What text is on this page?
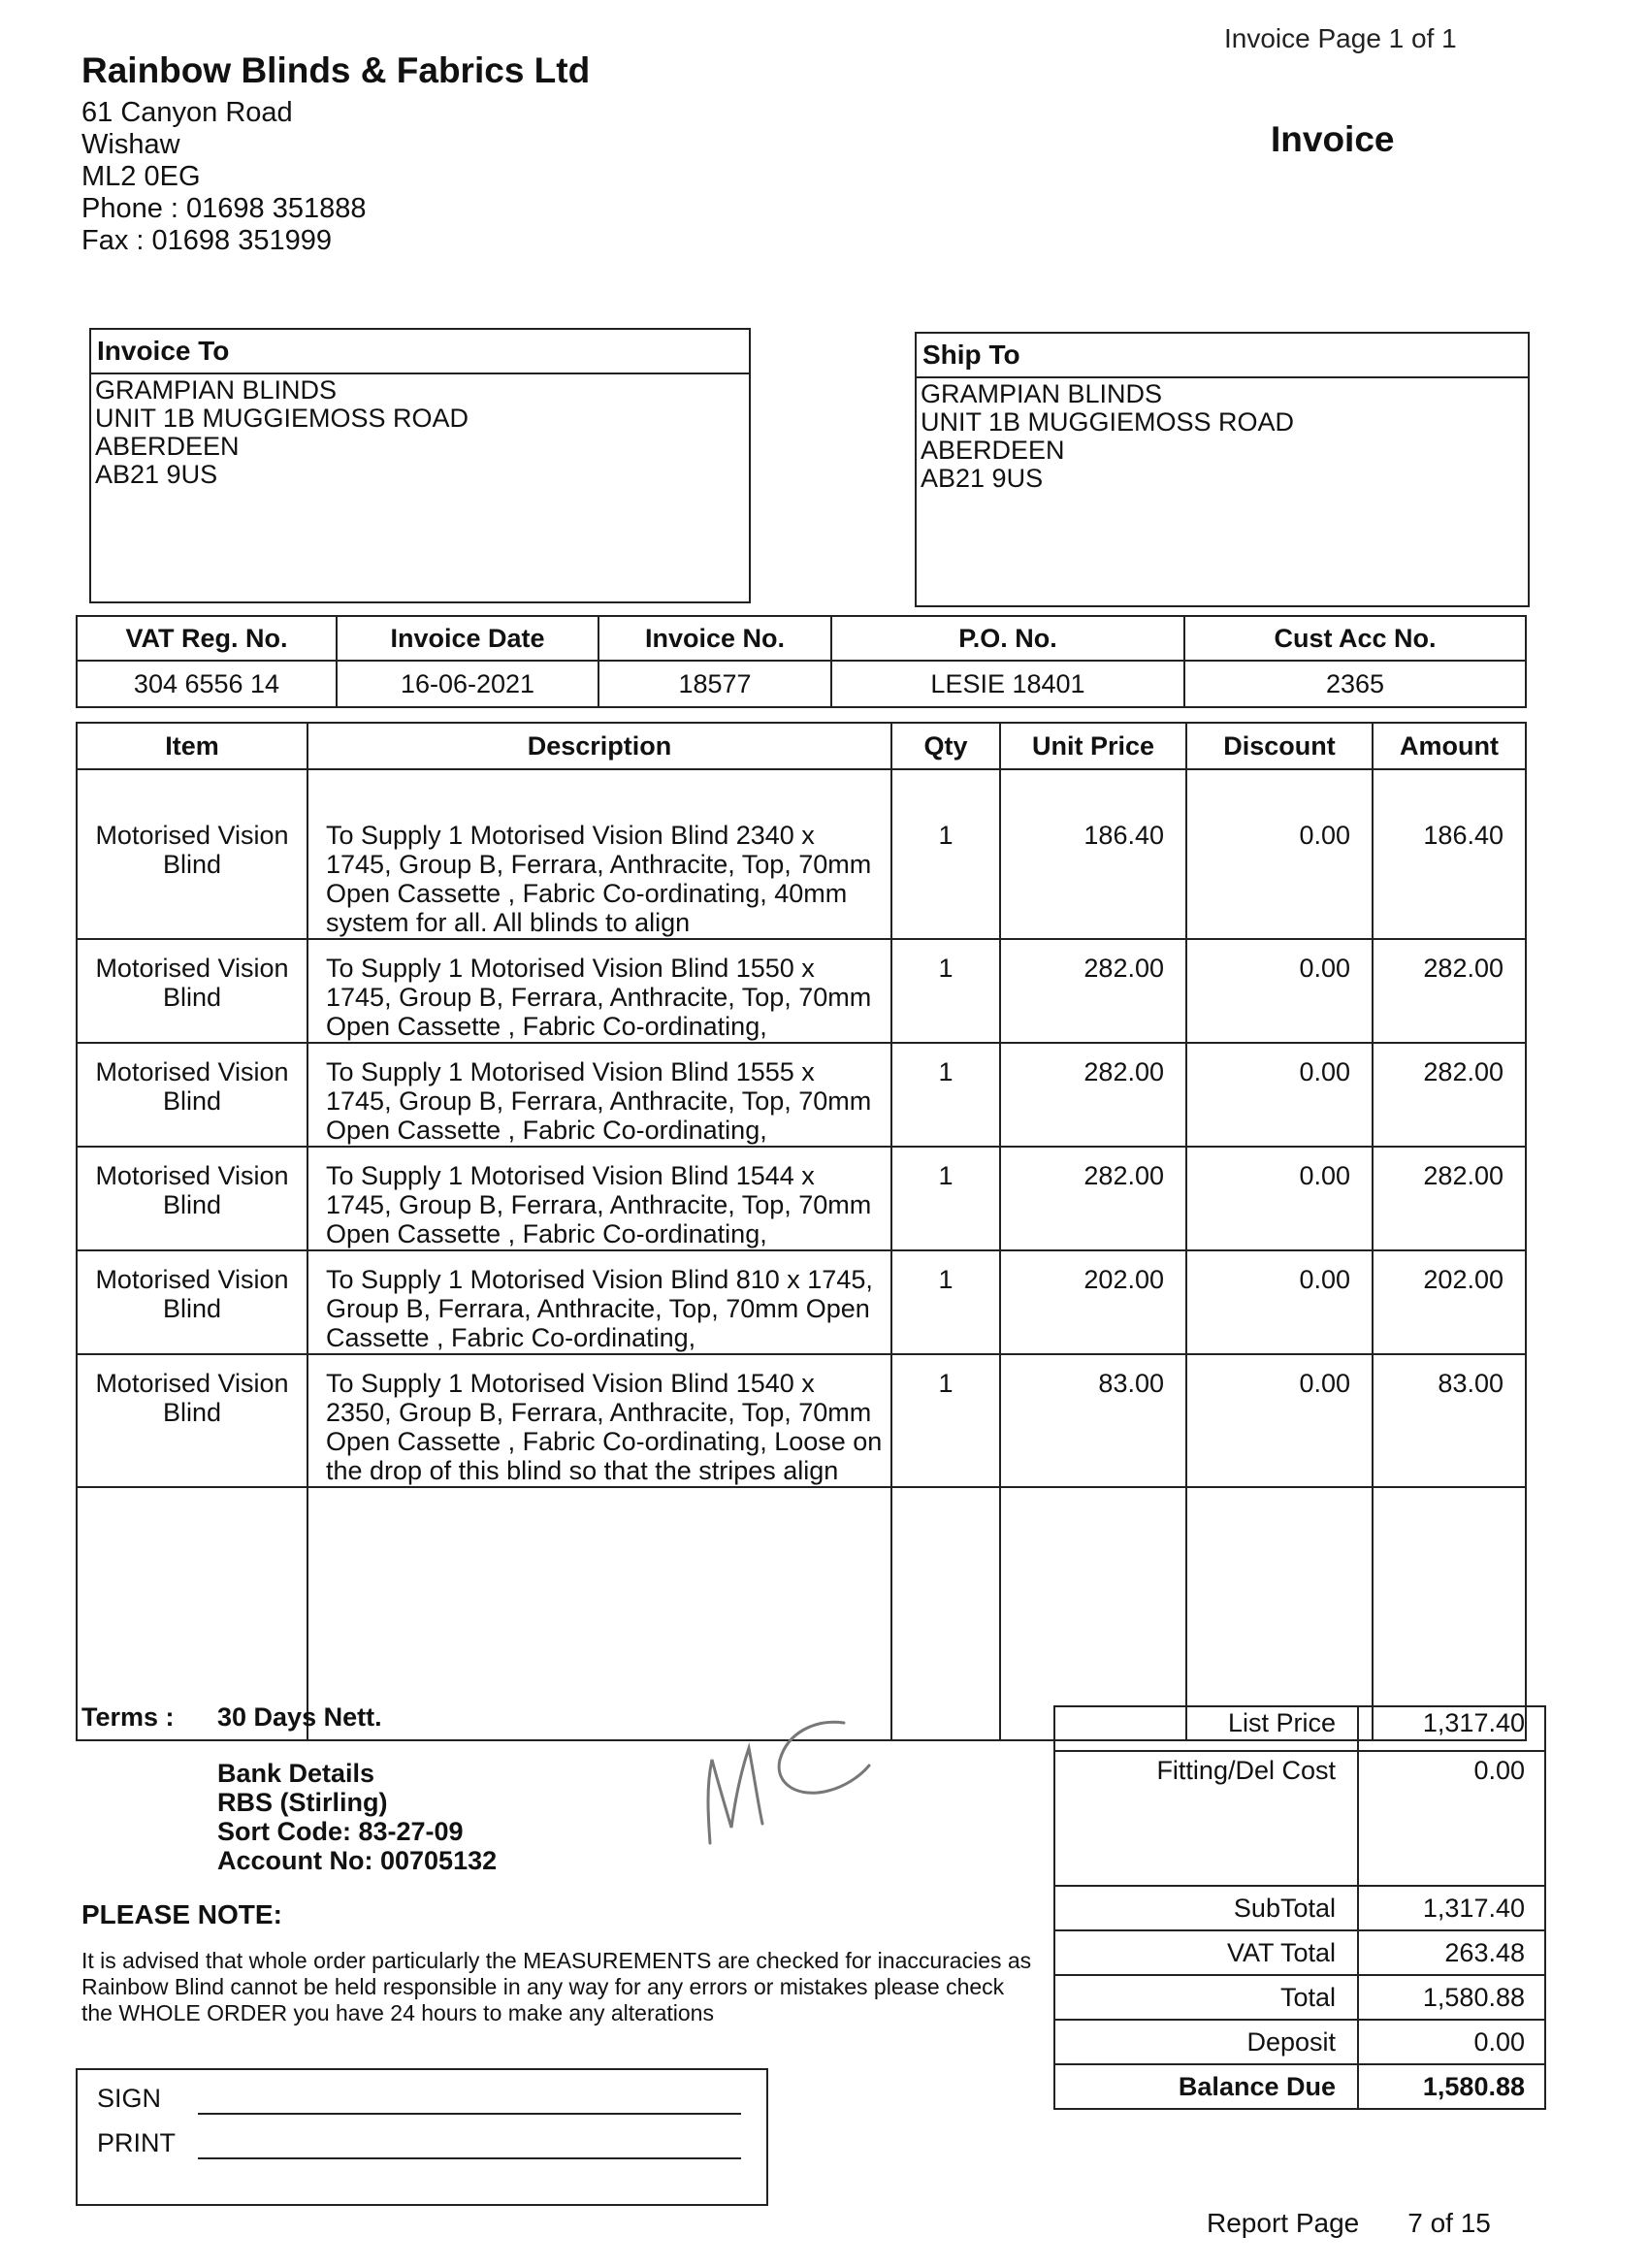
Invoice Page 1 of 1
Rainbow Blinds & Fabrics Ltd
61 Canyon Road
Wishaw
ML2 0EG
Phone : 01698 351888
Fax : 01698 351999
Invoice
Invoice To
GRAMPIAN BLINDS
UNIT 1B MUGGIEMOSS ROAD
ABERDEEN
AB21 9US
Ship To
GRAMPIAN BLINDS
UNIT 1B MUGGIEMOSS ROAD
ABERDEEN
AB21 9US
VAT Reg. No.	Invoice Date	Invoice No.	P.O. No.	Cust Acc No.
304 6556 14	16-06-2021	18577	LESIE 18401	2365
Item	Description	Qty	Unit Price	Discount	Amount
Motorised Vision Blind	To Supply 1 Motorised Vision Blind 2340 x 1745, Group B, Ferrara, Anthracite, Top, 70mm Open Cassette , Fabric Co-ordinating, 40mm system for all. All blinds to align	1	186.40	0.00	186.40
Motorised Vision Blind	To Supply 1 Motorised Vision Blind 1550 x 1745, Group B, Ferrara, Anthracite, Top, 70mm Open Cassette , Fabric Co-ordinating,	1	282.00	0.00	282.00
Motorised Vision Blind	To Supply 1 Motorised Vision Blind 1555 x 1745, Group B, Ferrara, Anthracite, Top, 70mm Open Cassette , Fabric Co-ordinating,	1	282.00	0.00	282.00
Motorised Vision Blind	To Supply 1 Motorised Vision Blind 1544 x 1745, Group B, Ferrara, Anthracite, Top, 70mm Open Cassette , Fabric Co-ordinating,	1	282.00	0.00	282.00
Motorised Vision Blind	To Supply 1 Motorised Vision Blind 810 x 1745, Group B, Ferrara, Anthracite, Top, 70mm Open Cassette , Fabric Co-ordinating,	1	202.00	0.00	202.00
Motorised Vision Blind	To Supply 1 Motorised Vision Blind 1540 x 2350, Group B, Ferrara, Anthracite, Top, 70mm Open Cassette , Fabric Co-ordinating, Loose on the drop of this blind so that the stripes align	1	83.00	0.00	83.00

Terms : 30 Days Nett.
Bank Details
RBS (Stirling)
Sort Code: 83-27-09
Account No: 00705132
PLEASE NOTE:
It is advised that whole order particularly the MEASUREMENTS are checked for inaccuracies as Rainbow Blind cannot be held responsible in any way for any errors or mistakes please check the WHOLE ORDER you have 24 hours to make any alterations
SIGN
PRINT
List Price	1,317.40
Fitting/Del Cost	0.00
SubTotal	1,317.40
VAT Total	263.48
Total	1,580.88
Deposit	0.00
Balance Due	1,580.88
Report Page 7 of 15
